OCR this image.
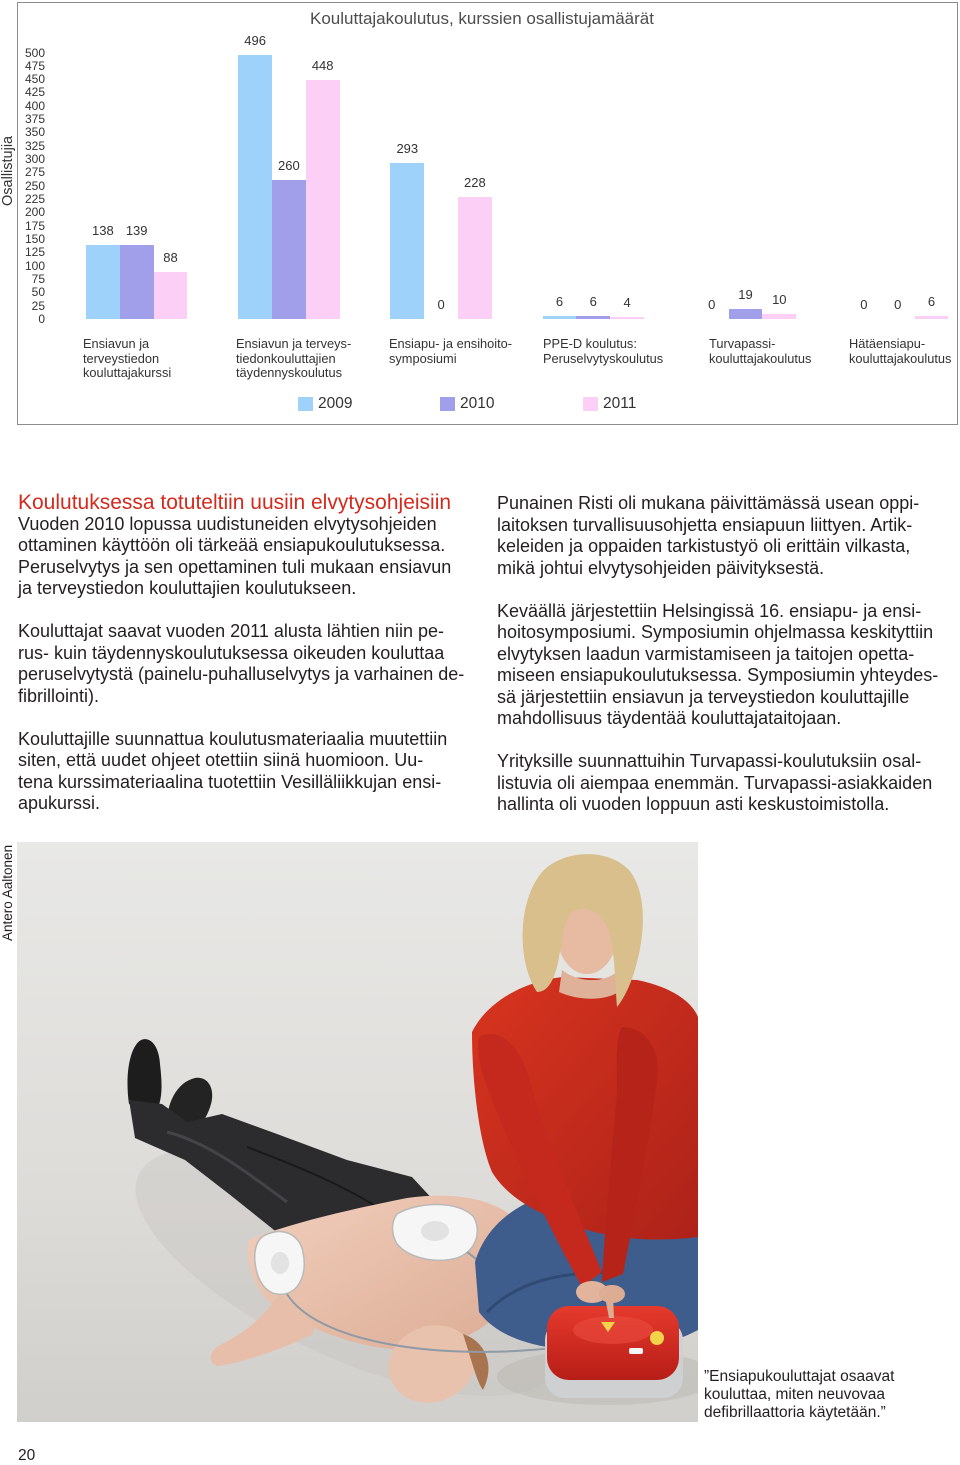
Osallistujia
Kouluttajakoulutus, kurssien osallistujamäärät
2009	2010	2011
0
25
50
75
100
125
150
175
200
225
250
275
300
325
350
375
400
425
450
475
500
138
496
293
6	0	0
139
260
0	6	19
0
88
448
228
4	10	6
Ensiavun ja
terveystiedon
kouluttajakurssi
Ensiavun ja terveys-
tiedonkouluttajien
täydennyskoulutus
Ensiapu- ja ensihoito-
symposiumi
PPE-D koulutus:
Peruselvytyskoulutus
Turvapassi-
kouluttajakoulutus
Hätäensiapu-
kouluttajakoulutus
Koulutuksessa totuteltiin uusiin elvytysohjeisiin

Vuoden 2010 lopussa uudistuneiden elvytysohjeiden
ottaminen käyttöön oli tärkeää ensiapukoulutuksessa.
Peruselvytys ja sen opettaminen tuli mukaan ensiavun
ja terveystiedon kouluttajien koulutukseen.

Kouluttajat saavat vuoden 2011 alusta lähtien niin pe-
rus- kuin täydennyskoulutuksessa oikeuden kouluttaa
peruselvytystä (painelu-puhalluselvytys ja varhainen de-
fibrillointi).

Kouluttajille suunnattua koulutusmateriaalia muutettiin
siten, että uudet ohjeet otettiin siinä huomioon. Uu-
tena kurssimateriaalina tuotettiin Vesilläliikkujan ensi-
apukurssi.

Punainen Risti oli mukana päivittämässä usean oppi-
laitoksen turvallisuusohjetta ensiapuun liittyen. Artik-
keleiden ja oppaiden tarkistustyö oli erittäin vilkasta,
mikä johtui elvytysohjeiden päivityksestä.

Keväällä järjestettiin Helsingissä 16. ensiapu- ja ensi-
hoitosymposiumi. Symposiumin ohjelmassa keskityttiin
elvytyksen laadun varmistamiseen ja taitojen opetta-
miseen ensiapukoulutuksessa. Symposiumin yhteydes-
sä järjestettiin ensiavun ja terveystiedon kouluttajille
mahdollisuus täydentää kouluttajataitojaan.

Yrityksille suunnattuihin Turvapassi-koulutuksiin osal-
listuvia oli aiempaa enemmän. Turvapassi-asiakkaiden
hallinta oli vuoden loppuun asti keskustoimistolla.

Antero Aaltonen
”Ensiapukouluttajat osaavat
kouluttaa, miten neuvovaa
defibrillaattoria käytetään.”
20
